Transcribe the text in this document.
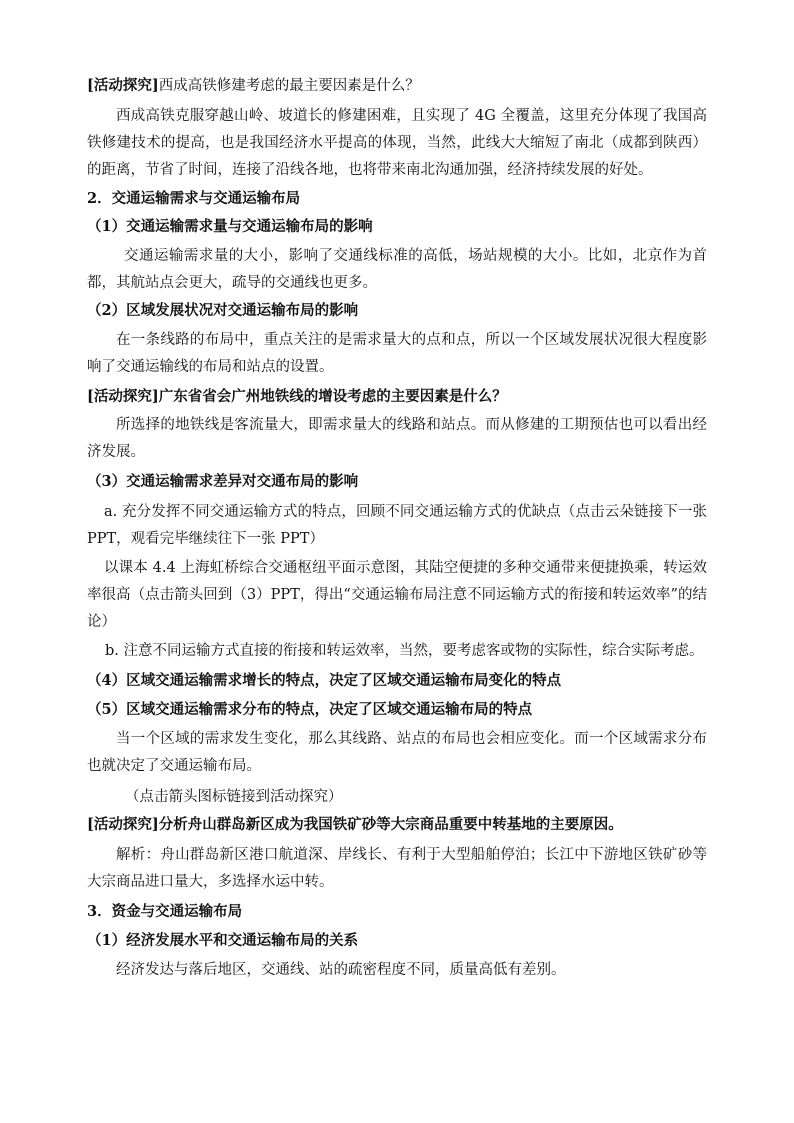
[活动探究]西成高铁修建考虑的最主要因素是什么？

西成高铁克服穿越山岭、坡道长的修建困难，且实现了 4G 全覆盖，这里充分体现了我国高铁修建技术的提高，也是我国经济水平提高的体现，当然，此线大大缩短了南北（成都到陕西）的距离，节省了时间，连接了沿线各地，也将带来南北沟通加强，经济持续发展的好处。

2．交通运输需求与交通运输布局
（1）交通运输需求量与交通运输布局的影响

交通运输需求量的大小，影响了交通线标准的高低，场站规模的大小。比如，北京作为首都，其航站点会更大，疏导的交通线也更多。

（2）区域发展状况对交通运输布局的影响

在一条线路的布局中，重点关注的是需求量大的点和点，所以一个区域发展状况很大程度影响了交通运输线的布局和站点的设置。

[活动探究]广东省省会广州地铁线的增设考虑的主要因素是什么？

所选择的地铁线是客流量大，即需求量大的线路和站点。而从修建的工期预估也可以看出经济发展。

（3）交通运输需求差异对交通布局的影响

a. 充分发挥不同交通运输方式的特点，回顾不同交通运输方式的优缺点（点击云朵链接下一张PPT，观看完毕继续往下一张 PPT）

以课本 4.4 上海虹桥综合交通枢纽平面示意图，其陆空便捷的多种交通带来便捷换乘，转运效率很高（点击箭头回到（3）PPT，得出“交通运输布局注意不同运输方式的衔接和转运效率”的结论）

b. 注意不同运输方式直接的衔接和转运效率，当然，要考虑客或物的实际性，综合实际考虑。

（4）区域交通运输需求增长的特点，决定了区域交通运输布局变化的特点
（5）区域交通运输需求分布的特点，决定了区域交通运输布局的特点

当一个区域的需求发生变化，那么其线路、站点的布局也会相应变化。而一个区域需求分布也就决定了交通运输布局。

（点击箭头图标链接到活动探究）

[活动探究]分析舟山群岛新区成为我国铁矿砂等大宗商品重要中转基地的主要原因。

解析：舟山群岛新区港口航道深、岸线长、有利于大型船舶停泊；长江中下游地区铁矿砂等大宗商品进口量大，多选择水运中转。

3．资金与交通运输布局
（1）经济发展水平和交通运输布局的关系

经济发达与落后地区，交通线、站的疏密程度不同，质量高低有差别。
